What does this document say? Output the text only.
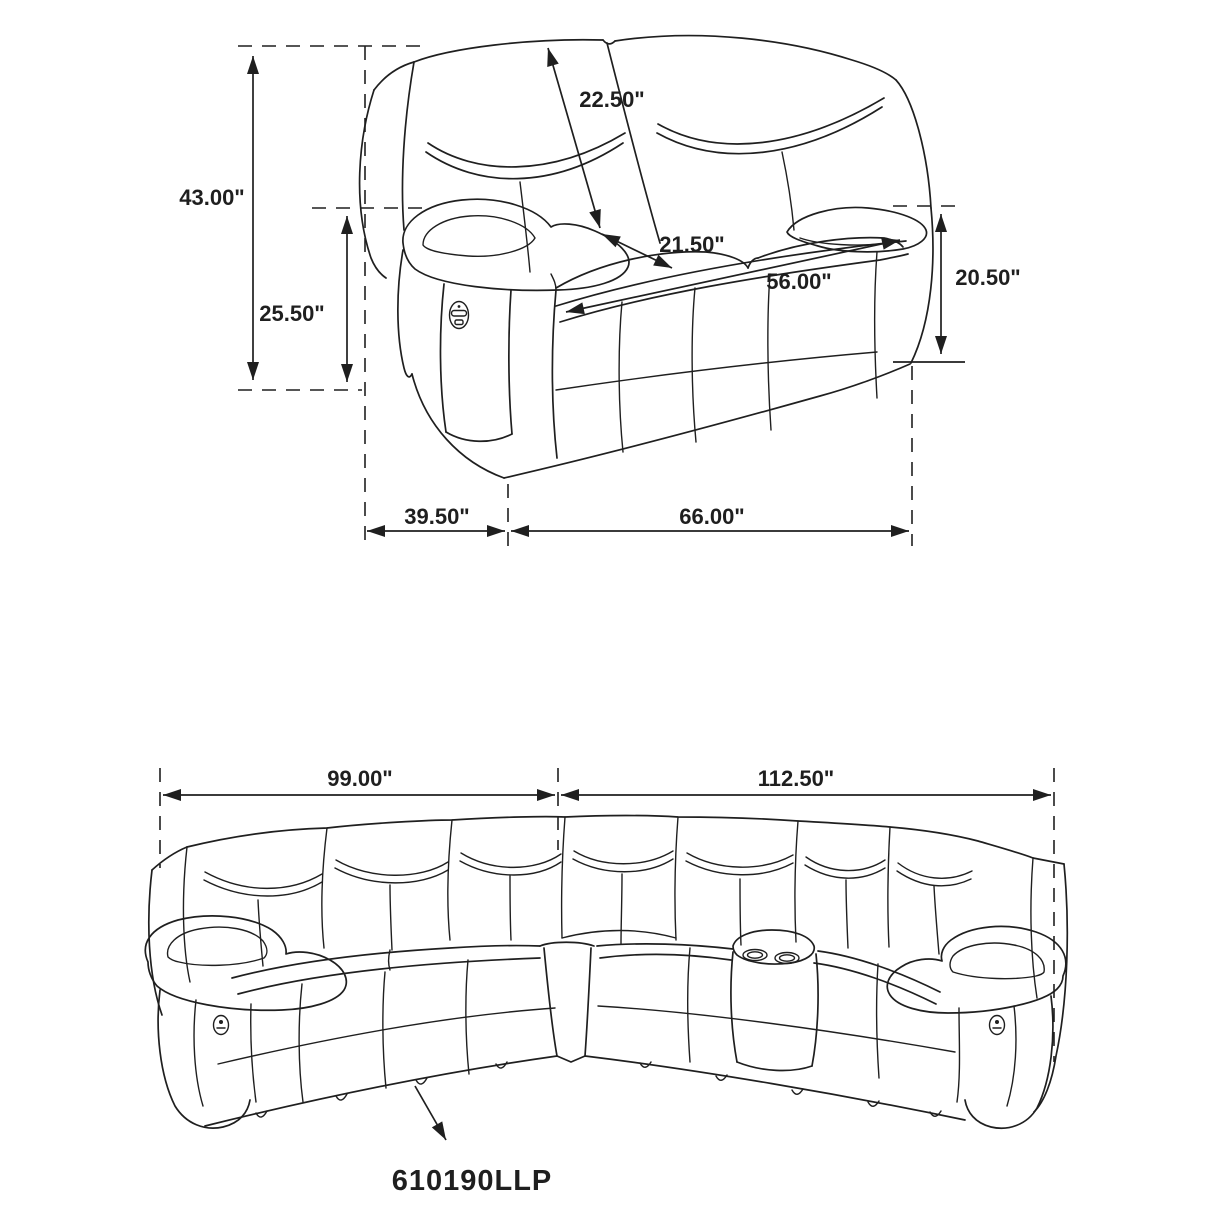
43.00"
22.50"
25.50"
21.50"
56.00"	20.50"
39.50"	66.00"
99.00"	112.50"
610190LLP
